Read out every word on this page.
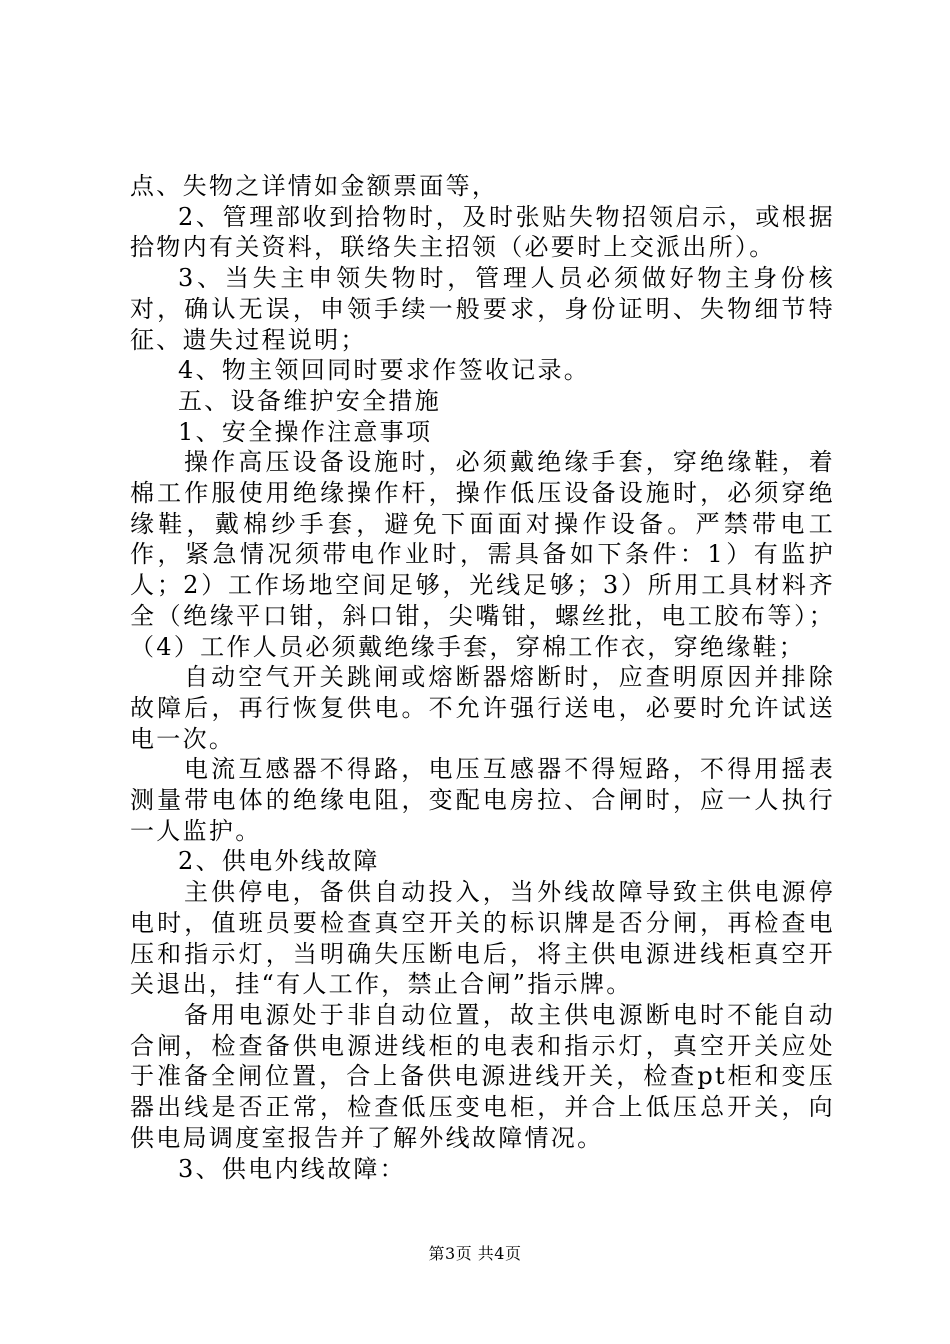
点、失物之详情如金额票面等，

2、管理部收到拾物时，及时张贴失物招领启示，或根据拾物内有关资料，联络失主招领（必要时上交派出所）。

3、当失主申领失物时，管理人员必须做好物主身份核对，确认无误，申领手续一般要求，身份证明、失物细节特征、遗失过程说明；

4、物主领回同时要求作签收记录。

五、设备维护安全措施

1、安全操作注意事项

操作高压设备设施时，必须戴绝缘手套，穿绝缘鞋，着棉工作服使用绝缘操作杆，操作低压设备设施时，必须穿绝缘鞋，戴棉纱手套，避免下面面对操作设备。严禁带电工作，紧急情况须带电作业时，需具备如下条件：1）有监护人；2）工作场地空间足够，光线足够；3）所用工具材料齐全（绝缘平口钳，斜口钳，尖嘴钳，螺丝批，电工胶布等）；（4）工作人员必须戴绝缘手套，穿棉工作衣，穿绝缘鞋；

自动空气开关跳闸或熔断器熔断时，应查明原因并排除故障后，再行恢复供电。不允许强行送电，必要时允许试送电一次。

电流互感器不得路，电压互感器不得短路，不得用摇表测量带电体的绝缘电阻，变配电房拉、合闸时，应一人执行一人监护。

2、供电外线故障

主供停电，备供自动投入，当外线故障导致主供电源停电时，值班员要检查真空开关的标识牌是否分闸，再检查电压和指示灯，当明确失压断电后，将主供电源进线柜真空开关退出，挂“有人工作，禁止合闸”指示牌。

备用电源处于非自动位置，故主供电源断电时不能自动合闸，检查备供电源进线柜的电表和指示灯，真空开关应处于准备全闸位置，合上备供电源进线开关，检查pt柜和变压器出线是否正常，检查低压变电柜，并合上低压总开关，向供电局调度室报告并了解外线故障情况。

3、供电内线故障：

第3页 共4页
